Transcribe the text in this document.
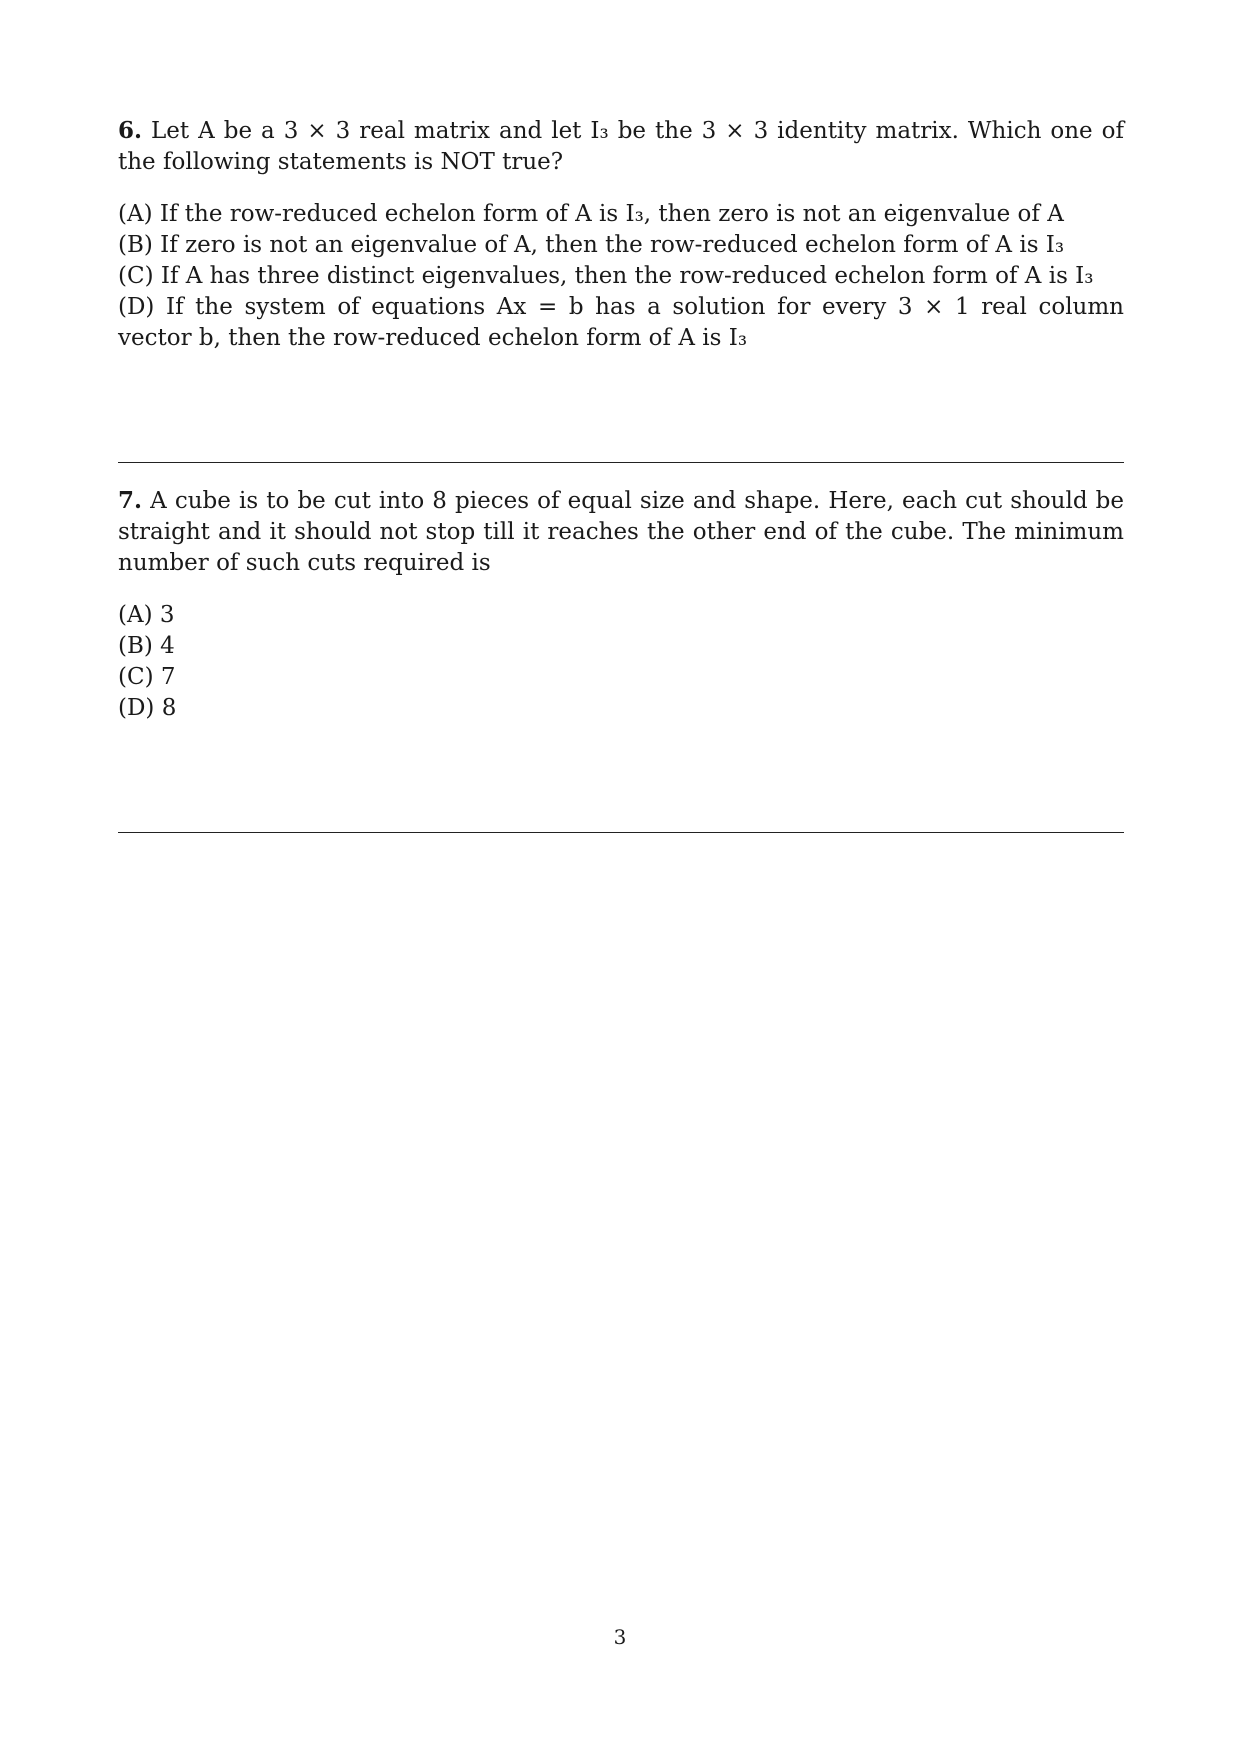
6. Let A be a 3 × 3 real matrix and let I₃ be the 3 × 3 identity matrix. Which one of the following statements is NOT true?

(A) If the row-reduced echelon form of A is I₃, then zero is not an eigenvalue of A

(B) If zero is not an eigenvalue of A, then the row-reduced echelon form of A is I₃

(C) If A has three distinct eigenvalues, then the row-reduced echelon form of A is I₃

(D) If the system of equations Ax = b has a solution for every 3 × 1 real column vector b, then the row-reduced echelon form of A is I₃

7. A cube is to be cut into 8 pieces of equal size and shape. Here, each cut should be straight and it should not stop till it reaches the other end of the cube. The minimum number of such cuts required is

(A) 3

(B) 4

(C) 7

(D) 8

3
